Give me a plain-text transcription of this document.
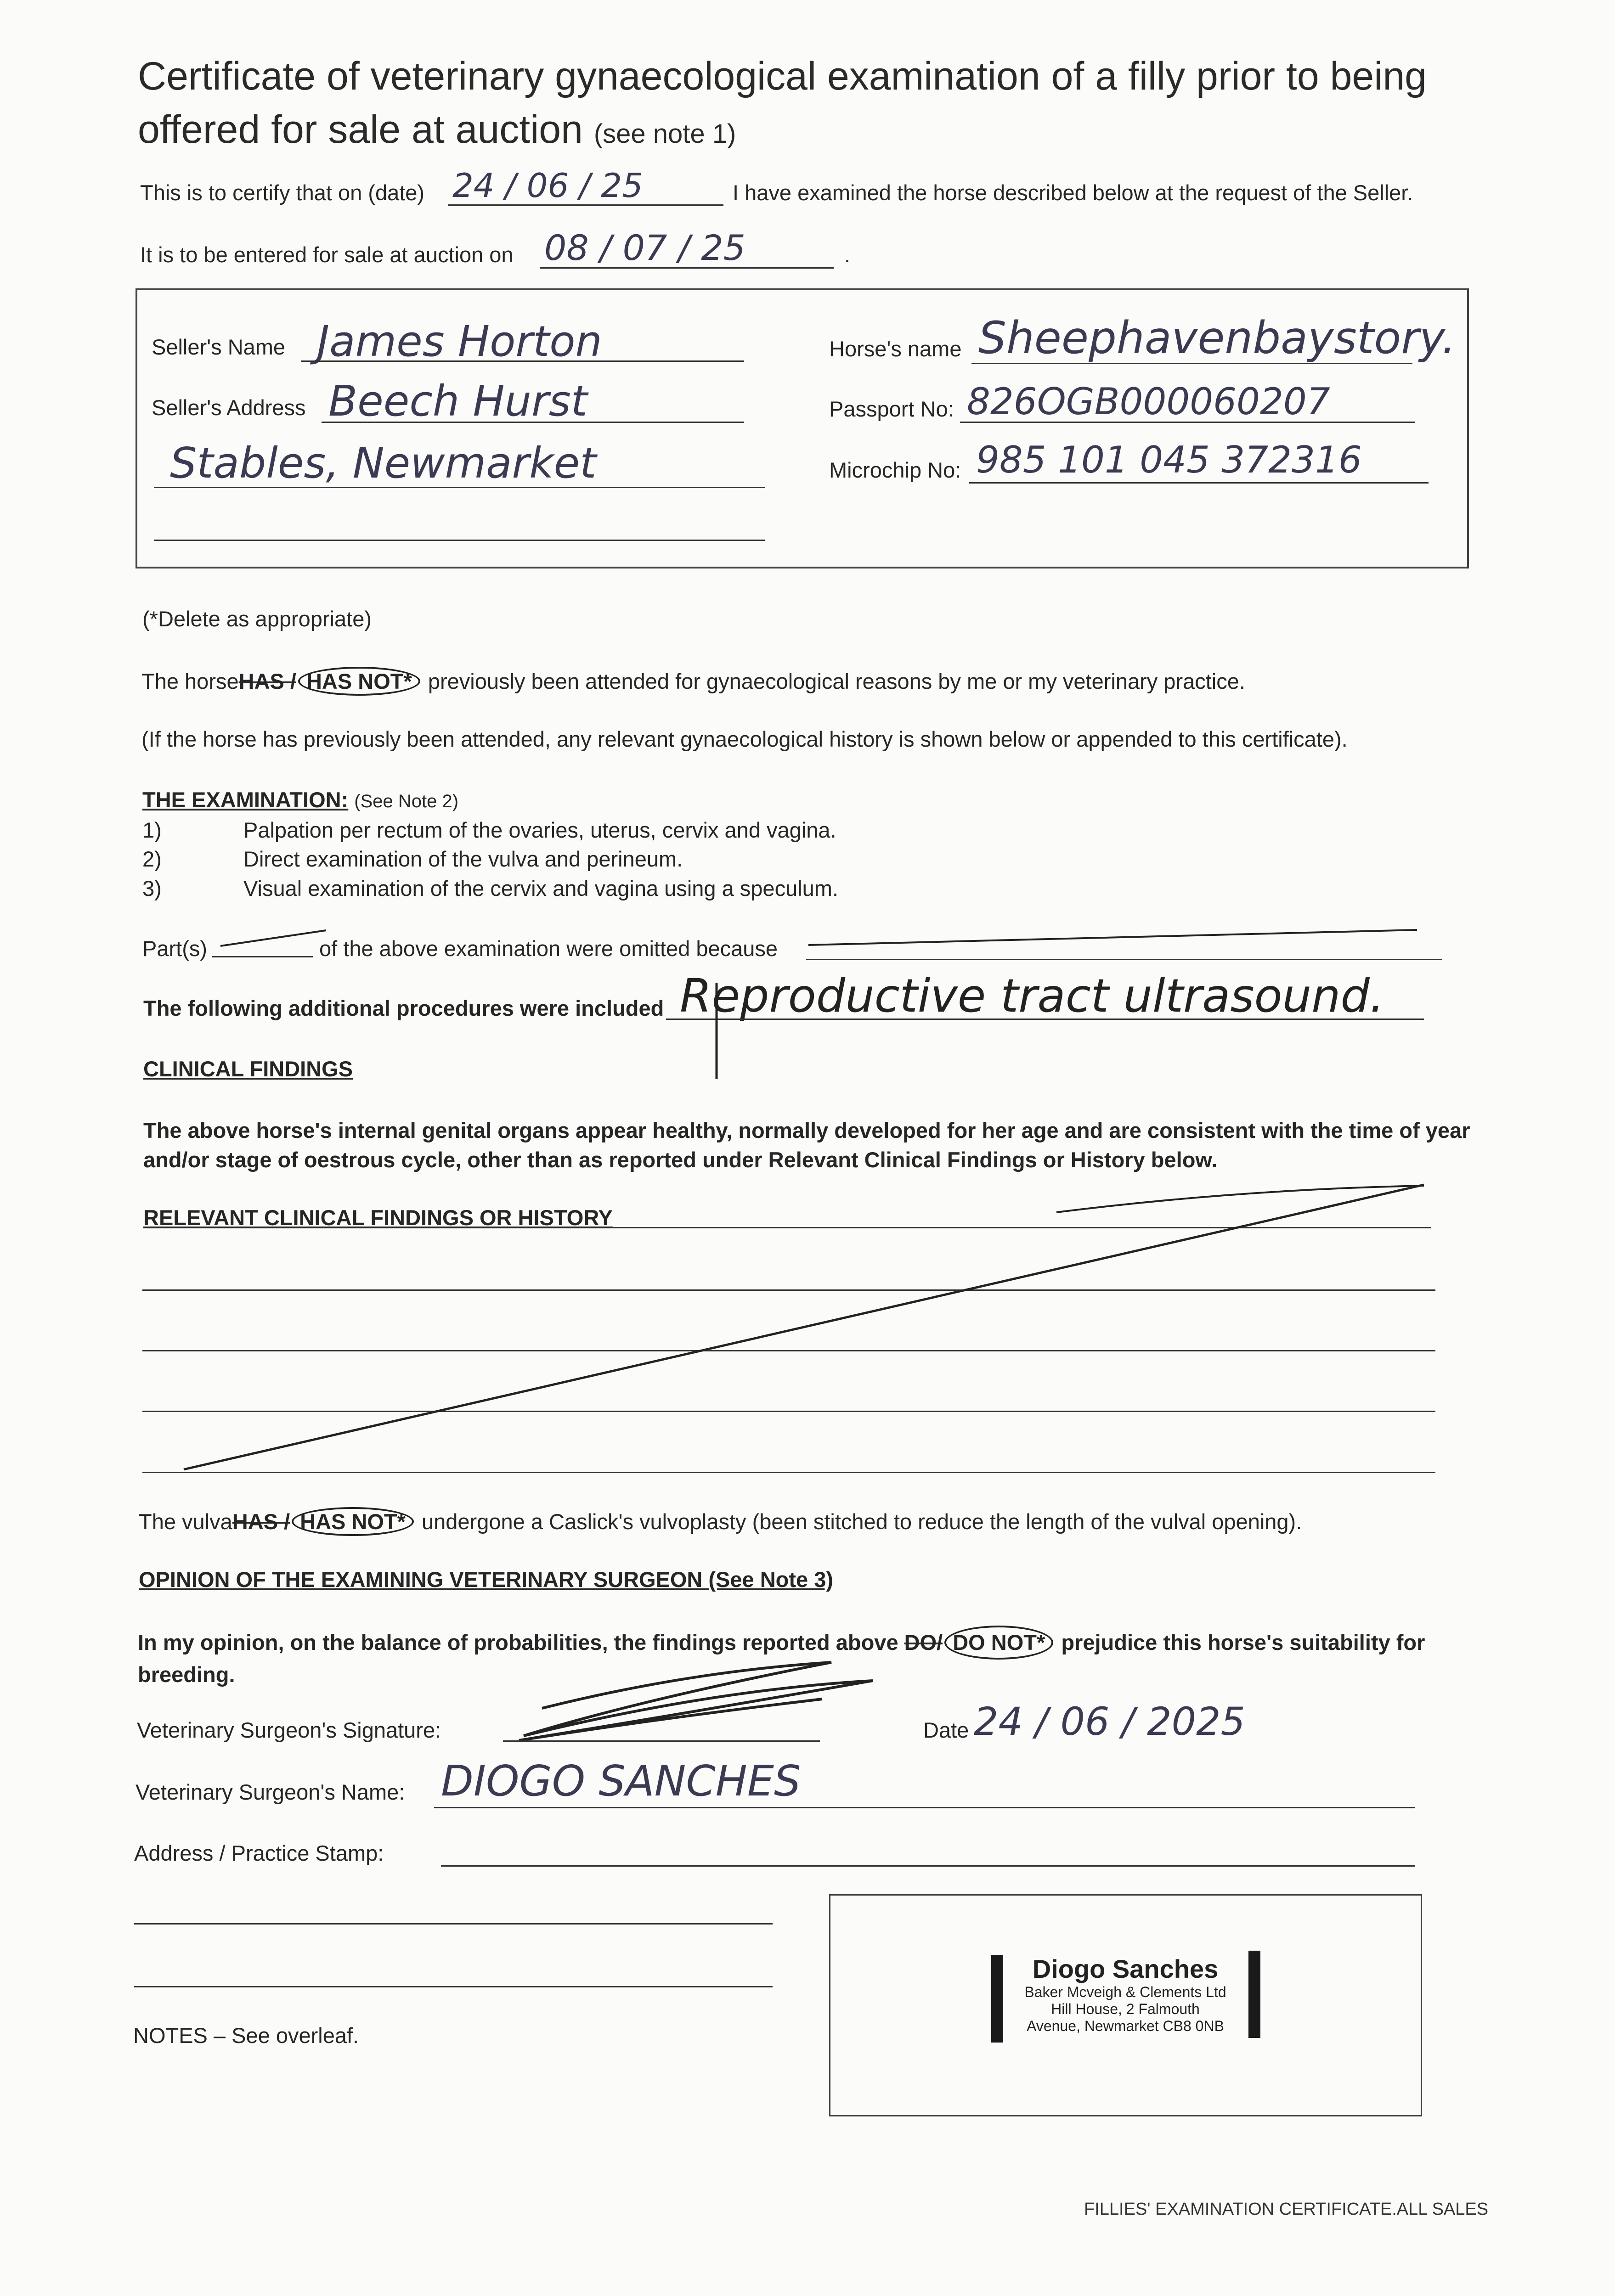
Certificate of veterinary gynaecological examination of a filly prior to being offered for sale at auction (see note 1)
This is to certify that on (date) 24 / 06 / 25	I have examined the horse described below at the request of the Seller.
It is to be entered for sale at auction on 08 / 07 / 25	.
Seller's Name James Horton
Seller's Address Beech Hurst
Stables, Newmarket
Horse's name Sheephavenbaystory.
Passport No: 826OGB000060207
Microchip No: 985 101 045 372316
(*Delete as appropriate)
The horseHAS / HAS NOT* previously been attended for gynaecological reasons by me or my veterinary practice.
(If the horse has previously been attended, any relevant gynaecological history is shown below or appended to this certificate).
THE EXAMINATION: (See Note 2)
1)	Palpation per rectum of the ovaries, uterus, cervix and vagina.
2)	Direct examination of the vulva and perineum.
3)	Visual examination of the cervix and vagina using a speculum.
Part(s)	of the above examination were omitted because
The following additional procedures were included Reproductive tract ultrasound.
CLINICAL FINDINGS
The above horse's internal genital organs appear healthy, normally developed for her age and are consistent with the time of year and/or stage of oestrous cycle, other than as reported under Relevant Clinical Findings or History below.
RELEVANT CLINICAL FINDINGS OR HISTORY
The vulvaHAS / HAS NOT* undergone a Caslick's vulvoplasty (been stitched to reduce the length of the vulval opening).
OPINION OF THE EXAMINING VETERINARY SURGEON (See Note 3)
In my opinion, on the balance of probabilities, the findings reported above DO/ DO NOT* prejudice this horse's suitability for breeding.
Veterinary Surgeon's Signature:	Date 24 / 06 / 2025
Veterinary Surgeon's Name: DIOGO SANCHES
Address / Practice Stamp:
NOTES – See overleaf.
Diogo Sanches
Baker Mcveigh & Clements Ltd
Hill House, 2 Falmouth
Avenue, Newmarket CB8 0NB
FILLIES' EXAMINATION CERTIFICATE.ALL SALES
